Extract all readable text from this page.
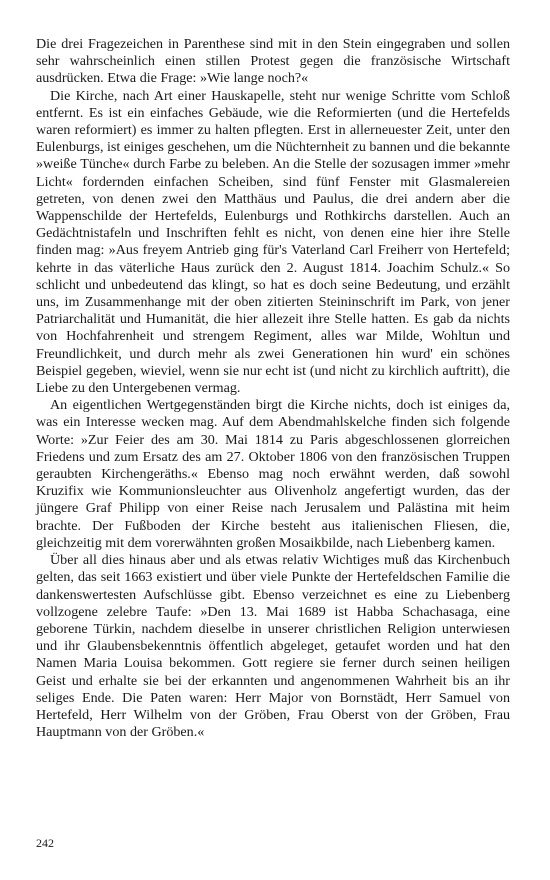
Die drei Fragezeichen in Parenthese sind mit in den Stein eingegraben und sollen sehr wahrscheinlich einen stillen Protest gegen die französische Wirtschaft ausdrücken. Etwa die Frage: »Wie lange noch?«

Die Kirche, nach Art einer Hauskapelle, steht nur wenige Schritte vom Schloß entfernt. Es ist ein einfaches Gebäude, wie die Reformierten (und die Hertefelds waren reformiert) es immer zu halten pflegten. Erst in allerneuester Zeit, unter den Eulenburgs, ist einiges geschehen, um die Nüchternheit zu bannen und die bekannte »weiße Tünche« durch Farbe zu beleben. An die Stelle der sozusagen immer »mehr Licht« fordernden einfachen Scheiben, sind fünf Fenster mit Glasmalereien getreten, von denen zwei den Matthäus und Paulus, die drei andern aber die Wappenschilde der Hertefelds, Eulenburgs und Rothkirchs darstellen. Auch an Gedächtnistafeln und Inschriften fehlt es nicht, von denen eine hier ihre Stelle finden mag: »Aus freyem Antrieb ging für's Vaterland Carl Freiherr von Hertefeld; kehrte in das väterliche Haus zurück den 2. August 1814. Joachim Schulz.« So schlicht und unbedeutend das klingt, so hat es doch seine Bedeutung, und erzählt uns, im Zusammenhange mit der oben zitierten Steininschrift im Park, von jener Patriarchalität und Humanität, die hier allezeit ihre Stelle hatten. Es gab da nichts von Hochfahrenheit und strengem Regiment, alles war Milde, Wohltun und Freundlichkeit, und durch mehr als zwei Generationen hin wurd' ein schönes Beispiel gegeben, wieviel, wenn sie nur echt ist (und nicht zu kirchlich auftritt), die Liebe zu den Untergebenen vermag.

An eigentlichen Wertgegenständen birgt die Kirche nichts, doch ist einiges da, was ein Interesse wecken mag. Auf dem Abendmahlskelche finden sich folgende Worte: »Zur Feier des am 30. Mai 1814 zu Paris abgeschlossenen glorreichen Friedens und zum Ersatz des am 27. Oktober 1806 von den französischen Truppen geraubten Kirchengeräths.« Ebenso mag noch erwähnt werden, daß sowohl Kruzifix wie Kommunionsleuchter aus Olivenholz angefertigt wurden, das der jüngere Graf Philipp von einer Reise nach Jerusalem und Palästina mit heim brachte. Der Fußboden der Kirche besteht aus italienischen Fliesen, die, gleichzeitig mit dem vorerwähnten großen Mosaikbilde, nach Liebenberg kamen.

Über all dies hinaus aber und als etwas relativ Wichtiges muß das Kirchenbuch gelten, das seit 1663 existiert und über viele Punkte der Hertefeldschen Familie die dankenswertesten Aufschlüsse gibt. Ebenso verzeichnet es eine zu Liebenberg vollzogene zelebre Taufe: »Den 13. Mai 1689 ist Habba Schachasaga, eine geborene Türkin, nachdem dieselbe in unserer christlichen Religion unterwiesen und ihr Glaubensbekenntnis öffentlich abgeleget, getaufet worden und hat den Namen Maria Louisa bekommen. Gott regiere sie ferner durch seinen heiligen Geist und erhalte sie bei der erkannten und angenommenen Wahrheit bis an ihr seliges Ende. Die Paten waren: Herr Major von Bornstädt, Herr Samuel von Hertefeld, Herr Wilhelm von der Gröben, Frau Oberst von der Gröben, Frau Hauptmann von der Gröben.«

242
